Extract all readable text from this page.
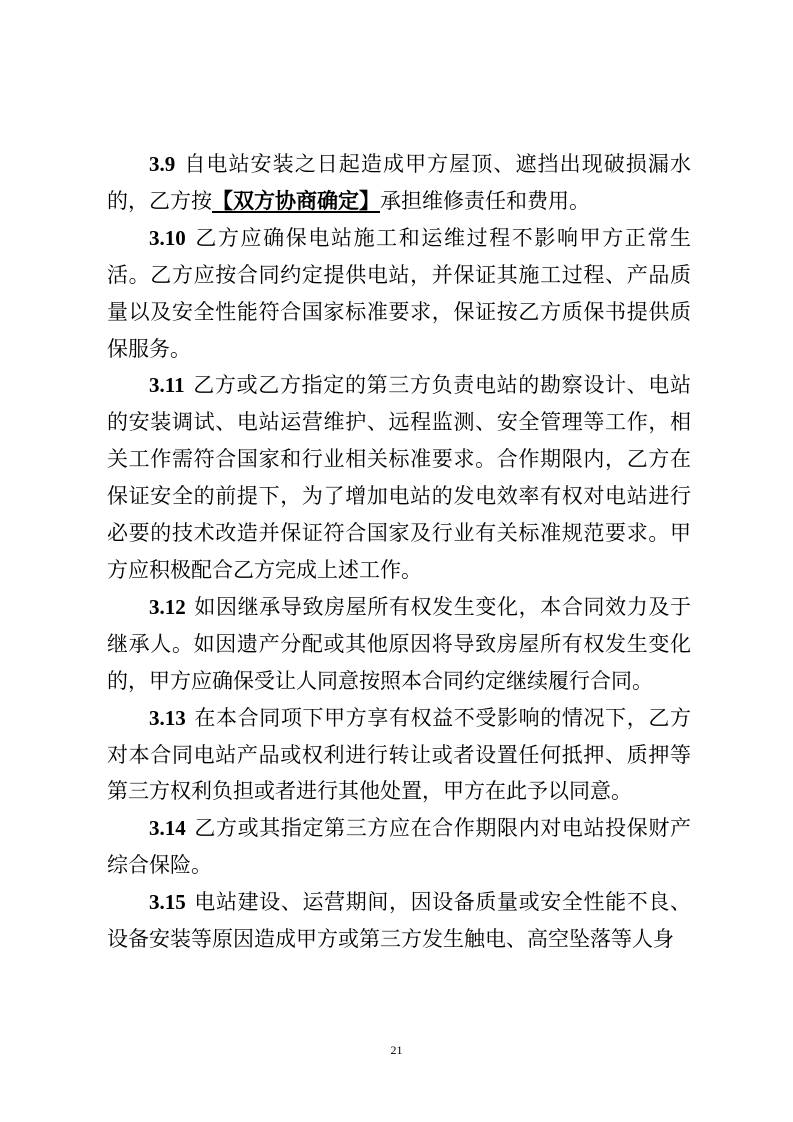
3.9 自电站安装之日起造成甲方屋顶、遮挡出现破损漏水的，乙方按【双方协商确定】承担维修责任和费用。

3.10 乙方应确保电站施工和运维过程不影响甲方正常生活。乙方应按合同约定提供电站，并保证其施工过程、产品质量以及安全性能符合国家标准要求，保证按乙方质保书提供质保服务。

3.11 乙方或乙方指定的第三方负责电站的勘察设计、电站的安装调试、电站运营维护、远程监测、安全管理等工作，相关工作需符合国家和行业相关标准要求。合作期限内，乙方在保证安全的前提下，为了增加电站的发电效率有权对电站进行必要的技术改造并保证符合国家及行业有关标准规范要求。甲方应积极配合乙方完成上述工作。

3.12 如因继承导致房屋所有权发生变化，本合同效力及于继承人。如因遗产分配或其他原因将导致房屋所有权发生变化的，甲方应确保受让人同意按照本合同约定继续履行合同。

3.13 在本合同项下甲方享有权益不受影响的情况下，乙方对本合同电站产品或权利进行转让或者设置任何抵押、质押等第三方权利负担或者进行其他处置，甲方在此予以同意。

3.14 乙方或其指定第三方应在合作期限内对电站投保财产综合保险。

3.15 电站建设、运营期间，因设备质量或安全性能不良、设备安装等原因造成甲方或第三方发生触电、高空坠落等人身

21
